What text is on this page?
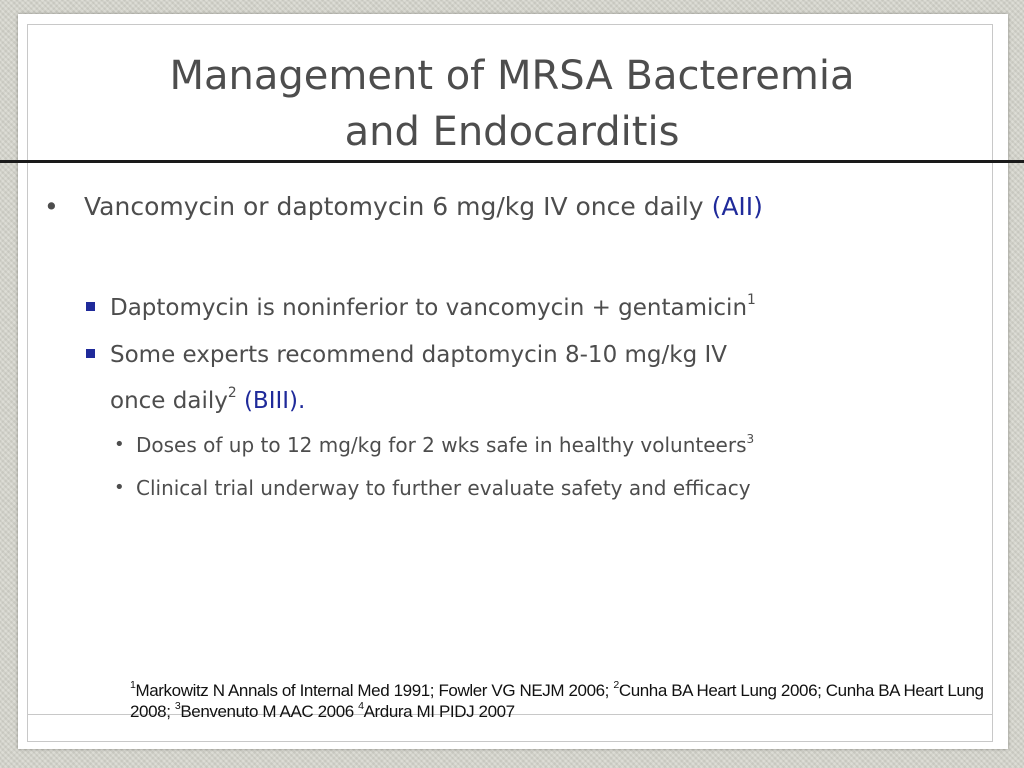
Management of MRSA Bacteremia
and Endocarditis
• Vancomycin or daptomycin 6 mg/kg IV once daily (AII)
Daptomycin is noninferior to vancomycin + gentamicin$^1$
Some experts recommend daptomycin 8-10 mg/kg IV
once daily$^2$ (BIII).
• Doses of up to 12 mg/kg for 2 wks safe in healthy volunteers$^3$
• Clinical trial underway to further evaluate safety and efficacy
$^1$Markowitz N Annals of Internal Med 1991; Fowler VG NEJM 2006; $^2$Cunha BA Heart Lung 2006; Cunha BA Heart Lung 2008; $^3$Benvenuto M AAC 2006 $^4$Ardura MI PIDJ 2007
